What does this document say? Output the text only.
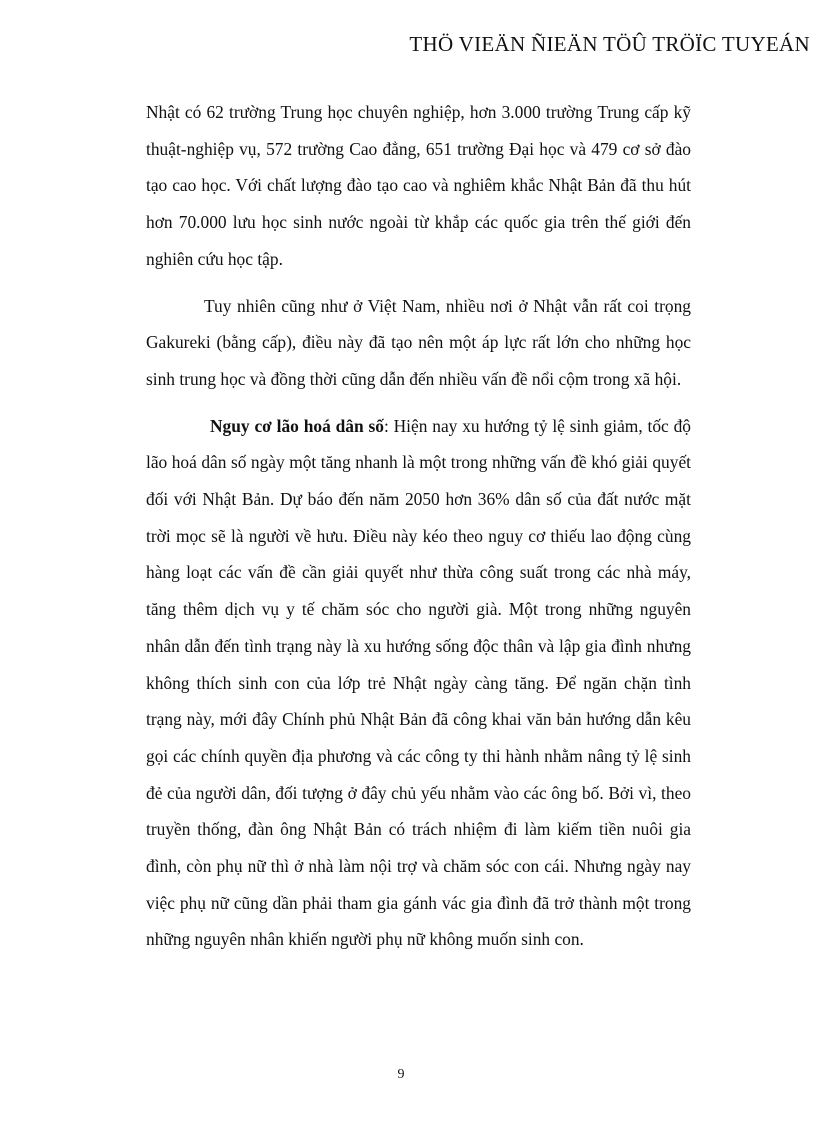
THÖ VIEÄN ÑIEÄN TÖÛ TRÖÏC TUYEÁN

Nhật có 62 trường Trung học chuyên nghiệp, hơn 3.000 trường Trung cấp kỹ thuật-nghiệp vụ, 572 trường Cao đẳng, 651 trường Đại học và 479 cơ sở đào tạo cao học. Với chất lượng đào tạo cao và nghiêm khắc Nhật Bản đã thu hút hơn 70.000 lưu học sinh nước ngoài từ khắp các quốc gia trên thế giới đến nghiên cứu học tập.

Tuy nhiên cũng như ở Việt Nam, nhiều nơi ở Nhật vẫn rất coi trọng Gakureki (bằng cấp), điều này đã tạo nên một áp lực rất lớn cho những học sinh trung học và đồng thời cũng dẫn đến nhiều vấn đề nổi cộm trong xã hội.

Nguy cơ lão hoá dân số: Hiện nay xu hướng tỷ lệ sinh giảm, tốc độ lão hoá dân số ngày một tăng nhanh là một trong những vấn đề khó giải quyết đối với Nhật Bản. Dự báo đến năm 2050 hơn 36% dân số của đất nước mặt trời mọc sẽ là người về hưu. Điều này kéo theo nguy cơ thiếu lao động cùng hàng loạt các vấn đề cần giải quyết như thừa công suất trong các nhà máy, tăng thêm dịch vụ y tế chăm sóc cho người già. Một trong những nguyên nhân dẫn đến tình trạng này là xu hướng sống độc thân và lập gia đình nhưng không thích sinh con của lớp trẻ Nhật ngày càng tăng. Để ngăn chặn tình trạng này, mới đây Chính phủ Nhật Bản đã công khai văn bản hướng dẫn kêu gọi các chính quyền địa phương và các công ty thi hành nhằm nâng tỷ lệ sinh đẻ của người dân, đối tượng ở đây chủ yếu nhằm vào các ông bố. Bởi vì, theo truyền thống, đàn ông Nhật Bản có trách nhiệm đi làm kiếm tiền nuôi gia đình, còn phụ nữ thì ở nhà làm nội trợ và chăm sóc con cái. Nhưng ngày nay việc phụ nữ cũng dần phải tham gia gánh vác gia đình đã trở thành một trong những nguyên nhân khiến người phụ nữ không muốn sinh con.

9
